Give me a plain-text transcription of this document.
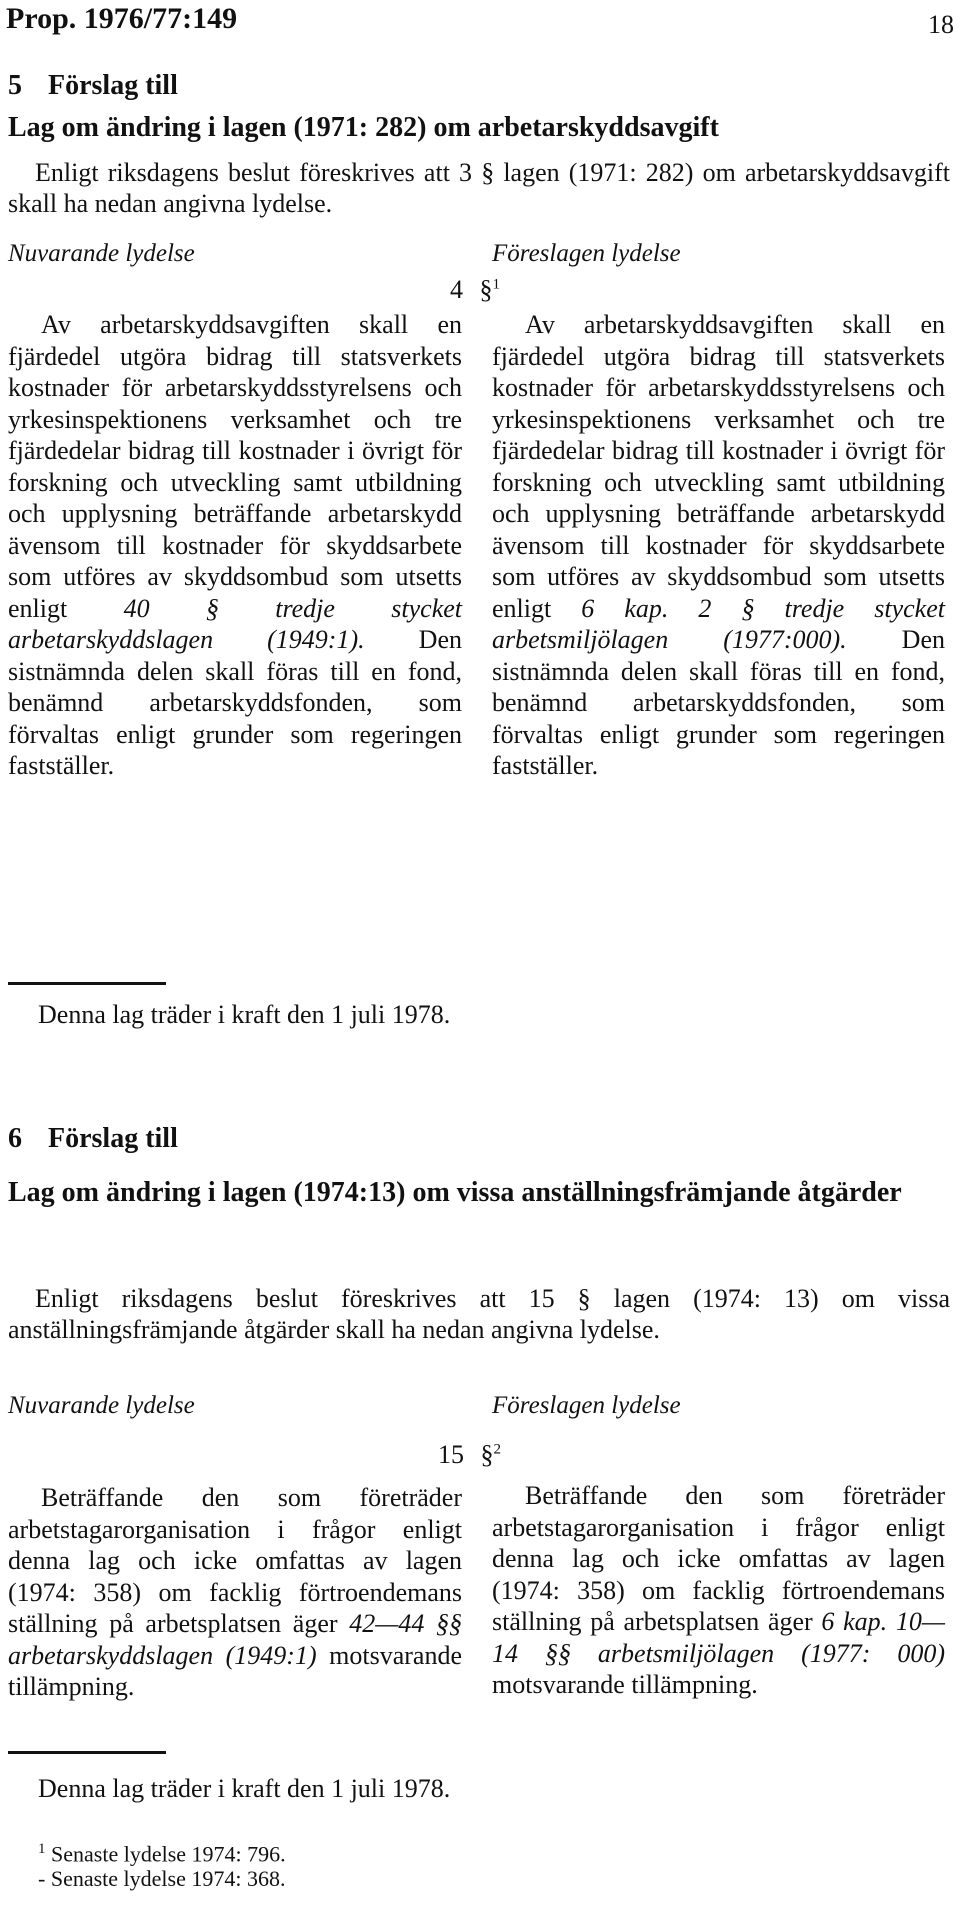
Prop. 1976/77:149	18
5 Förslag till
Lag om ändring i lagen (1971: 282) om arbetarskyddsavgift
Enligt riksdagens beslut föreskrives att 3 § lagen (1971: 282) om arbetarskyddsavgift skall ha nedan angivna lydelse.
Nuvarande lydelse	Föreslagen lydelse
4 §$^1$

Av arbetarskyddsavgiften skall en fjärdedel utgöra bidrag till statsverkets kostnader för arbetarskyddsstyrelsens och yrkesinspektionens verksamhet och tre fjärdedelar bidrag till kostnader i övrigt för forskning och utveckling samt utbildning och upplysning beträffande arbetarskydd ävensom till kostnader för skyddsarbete som utföres av skyddsombud som utsetts enligt 40 § tredje stycket arbetarskyddslagen (1949:1). Den sistnämnda delen skall föras till en fond, benämnd arbetarskyddsfonden, som förvaltas enligt grunder som regeringen fastställer.

Av arbetarskyddsavgiften skall en fjärdedel utgöra bidrag till statsverkets kostnader för arbetarskyddsstyrelsens och yrkesinspektionens verksamhet och tre fjärdedelar bidrag till kostnader i övrigt för forskning och utveckling samt utbildning och upplysning beträffande arbetarskydd ävensom till kostnader för skyddsarbete som utföres av skyddsombud som utsetts enligt 6 kap. 2 § tredje stycket arbetsmiljölagen (1977:000). Den sistnämnda delen skall föras till en fond, benämnd arbetarskyddsfonden, som förvaltas enligt grunder som regeringen fastställer.

Denna lag träder i kraft den 1 juli 1978.
6 Förslag till
Lag om ändring i lagen (1974:13) om vissa anställningsfrämjande åtgärder
Enligt riksdagens beslut föreskrives att 15 § lagen (1974: 13) om vissa anställningsfrämjande åtgärder skall ha nedan angivna lydelse.
Nuvarande lydelse	Föreslagen lydelse
15 §$^2$

Beträffande den som företräder arbetstagarorganisation i frågor enligt denna lag och icke omfattas av lagen (1974: 358) om facklig förtroendemans ställning på arbetsplatsen äger 42—44 §§ arbetarskyddslagen (1949:1) motsvarande tillämpning.

Beträffande den som företräder arbetstagarorganisation i frågor enligt denna lag och icke omfattas av lagen (1974: 358) om facklig förtroendemans ställning på arbetsplatsen äger 6 kap. 10—14 §§ arbetsmiljölagen (1977: 000) motsvarande tillämpning.

Denna lag träder i kraft den 1 juli 1978.
$^1$ Senaste lydelse 1974: 796.
- Senaste lydelse 1974: 368.
